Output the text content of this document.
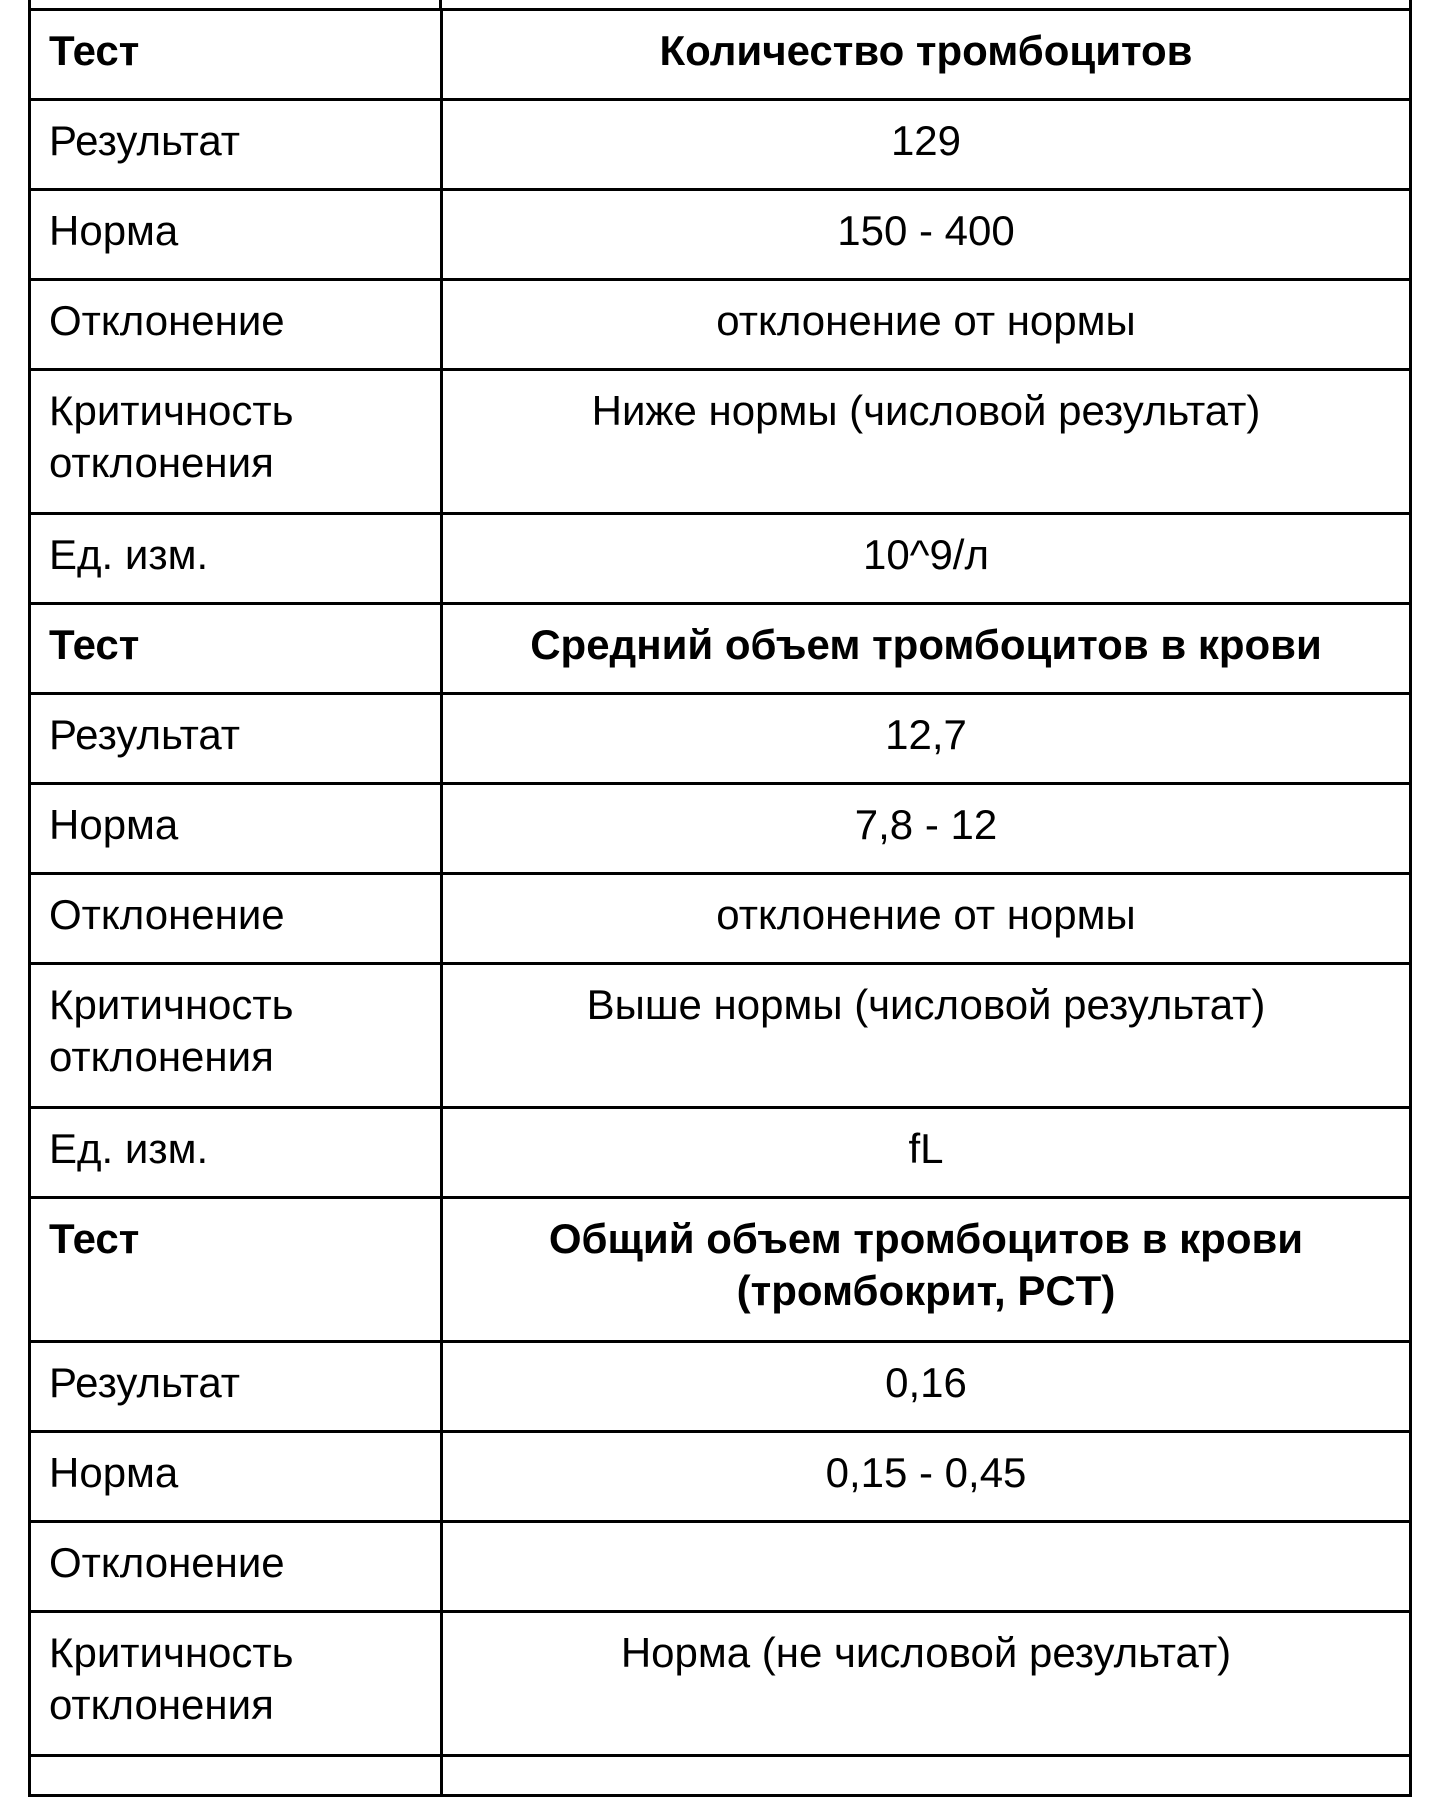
Тест	Количество тромбоцитов
Результат	129
Норма	150 - 400
Отклонение	отклонение от нормы
Критичность отклонения	Ниже нормы (числовой результат)
Ед. изм.	10^9/л
Тест	Средний объем тромбоцитов в крови
Результат	12,7
Норма	7,8 - 12
Отклонение	отклонение от нормы
Критичность отклонения	Выше нормы (числовой результат)
Ед. изм.	fL
Тест	Общий объем тромбоцитов в крови (тромбокрит, PCT)
Результат	0,16
Норма	0,15 - 0,45
Отклонение	
Критичность отклонения	Норма (не числовой результат)
